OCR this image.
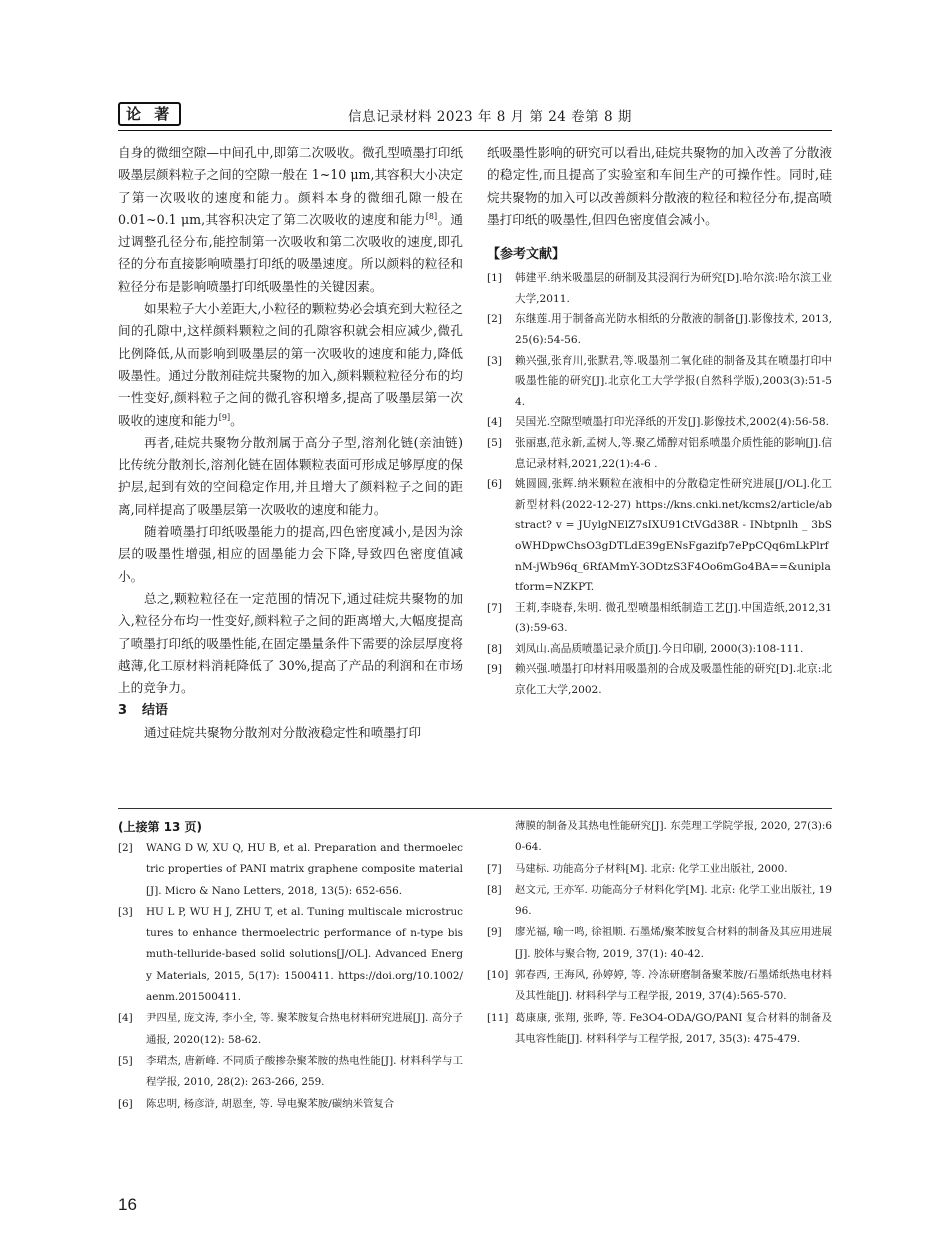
论 著	信息记录材料 2023 年 8 月 第 24 卷第 8 期

自身的微细空隙—中间孔中,即第二次吸收。微孔型喷墨打印纸吸墨层颜料粒子之间的空隙一般在 1~10 μm,其容积大小决定了第一次吸收的速度和能力。颜料本身的微细孔隙一般在 0.01~0.1 μm,其容积决定了第二次吸收的速度和能力[8]。通过调整孔径分布,能控制第一次吸收和第二次吸收的速度,即孔径的分布直接影响喷墨打印纸的吸墨速度。所以颜料的粒径和粒径分布是影响喷墨打印纸吸墨性的关键因素。

如果粒子大小差距大,小粒径的颗粒势必会填充到大粒径之间的孔隙中,这样颜料颗粒之间的孔隙容积就会相应减少,微孔比例降低,从而影响到吸墨层的第一次吸收的速度和能力,降低吸墨性。通过分散剂硅烷共聚物的加入,颜料颗粒粒径分布的均一性变好,颜料粒子之间的微孔容积增多,提高了吸墨层第一次吸收的速度和能力[9]。

再者,硅烷共聚物分散剂属于高分子型,溶剂化链(亲油链)比传统分散剂长,溶剂化链在固体颗粒表面可形成足够厚度的保护层,起到有效的空间稳定作用,并且增大了颜料粒子之间的距离,同样提高了吸墨层第一次吸收的速度和能力。

随着喷墨打印纸吸墨能力的提高,四色密度减小,是因为涂层的吸墨性增强,相应的固墨能力会下降,导致四色密度值减小。

总之,颗粒粒径在一定范围的情况下,通过硅烷共聚物的加入,粒径分布均一性变好,颜料粒子之间的距离增大,大幅度提高了喷墨打印纸的吸墨性能,在固定墨量条件下需要的涂层厚度将越薄,化工原材料消耗降低了 30%,提高了产品的利润和在市场上的竞争力。

3 结语

通过硅烷共聚物分散剂对分散液稳定性和喷墨打印

纸吸墨性影响的研究可以看出,硅烷共聚物的加入改善了分散液的稳定性,而且提高了实验室和车间生产的可操作性。同时,硅烷共聚物的加入可以改善颜料分散液的粒径和粒径分布,提高喷墨打印纸的吸墨性,但四色密度值会减小。

【参考文献】
[1] 韩建平.纳米吸墨层的研制及其浸润行为研究[D].哈尔滨:哈尔滨工业大学,2011.
[2] 东继莲.用于制备高光防水相纸的分散液的制备[J].影像技术, 2013,25(6):54-56.
[3] 赖兴强,张育川,张默君,等.吸墨剂二氧化硅的制备及其在喷墨打印中吸墨性能的研究[J].北京化工大学学报(自然科学版),2003(3):51-54.
[4] 吴国光.空隙型喷墨打印光泽纸的开发[J].影像技术,2002(4):56-58.
[5] 张丽惠,范永新,孟树人,等.聚乙烯醇对铝系喷墨介质性能的影响[J].信息记录材料,2021,22(1):4-6 .
[6] 姚圆圆,张辉.纳米颗粒在液相中的分散稳定性研究进展[J/OL].化工新型材料(2022-12-27) https://kns.cnki.net/kcms2/article/abstract? v = JUylgNElZ7sIXU91CtVGd38R - INbtpnlh _ 3bSoWHDpwChsO3gDTLdE39gENsFgazifp7ePpCQq6mLkPlrfnM-jWb96q_6RfAMmY-3ODtzS3F4Oo6mGo4BA==&uniplatform=NZKPT.
[7] 王莉,李晓春,朱明. 微孔型喷墨相纸制造工艺[J].中国造纸,2012,31(3):59-63.
[8] 刘凤山.高品质喷墨记录介质[J].今日印刷, 2000(3):108-111.
[9] 赖兴强.喷墨打印材料用吸墨剂的合成及吸墨性能的研究[D].北京:北京化工大学,2002.
(上接第 13 页)
[2] WANG D W, XU Q, HU B, et al. Preparation and thermoelectric properties of PANI matrix graphene composite material[J]. Micro & Nano Letters, 2018, 13(5): 652-656.
[3] HU L P, WU H J, ZHU T, et al. Tuning multiscale microstructures to enhance thermoelectric performance of n-type bismuth-telluride-based solid solutions[J/OL]. Advanced Energy Materials, 2015, 5(17): 1500411. https://doi.org/10.1002/aenm.201500411.
[4] 尹四星, 庞文涛, 李小全, 等. 聚苯胺复合热电材料研究进展[J]. 高分子通报, 2020(12): 58-62.
[5] 李珺杰, 唐新峰. 不同质子酸掺杂聚苯胺的热电性能[J]. 材料科学与工程学报, 2010, 28(2): 263-266, 259.
[6] 陈忠明, 杨彦浒, 胡恩奎, 等. 导电聚苯胺/碳纳米管复合
薄膜的制备及其热电性能研究[J]. 东莞理工学院学报, 2020, 27(3):60-64.
[7] 马建标. 功能高分子材料[M]. 北京: 化学工业出版社, 2000.
[8] 赵文元, 王亦军. 功能高分子材料化学[M]. 北京: 化学工业出版社, 1996.
[9] 廖光福, 喻一鸣, 徐祖顺. 石墨烯/聚苯胺复合材料的制备及其应用进展[J]. 胶体与聚合物, 2019, 37(1): 40-42.
[10] 郭春西, 王海风, 孙婷婷, 等. 冷冻研磨制备聚苯胺/石墨烯纸热电材料及其性能[J]. 材料科学与工程学报, 2019, 37(4):565-570.
[11] 葛康康, 张翔, 张晔, 等. Fe3O4-ODA/GO/PANI 复合材料的制备及其电容性能[J]. 材料科学与工程学报, 2017, 35(3): 475-479.
16
